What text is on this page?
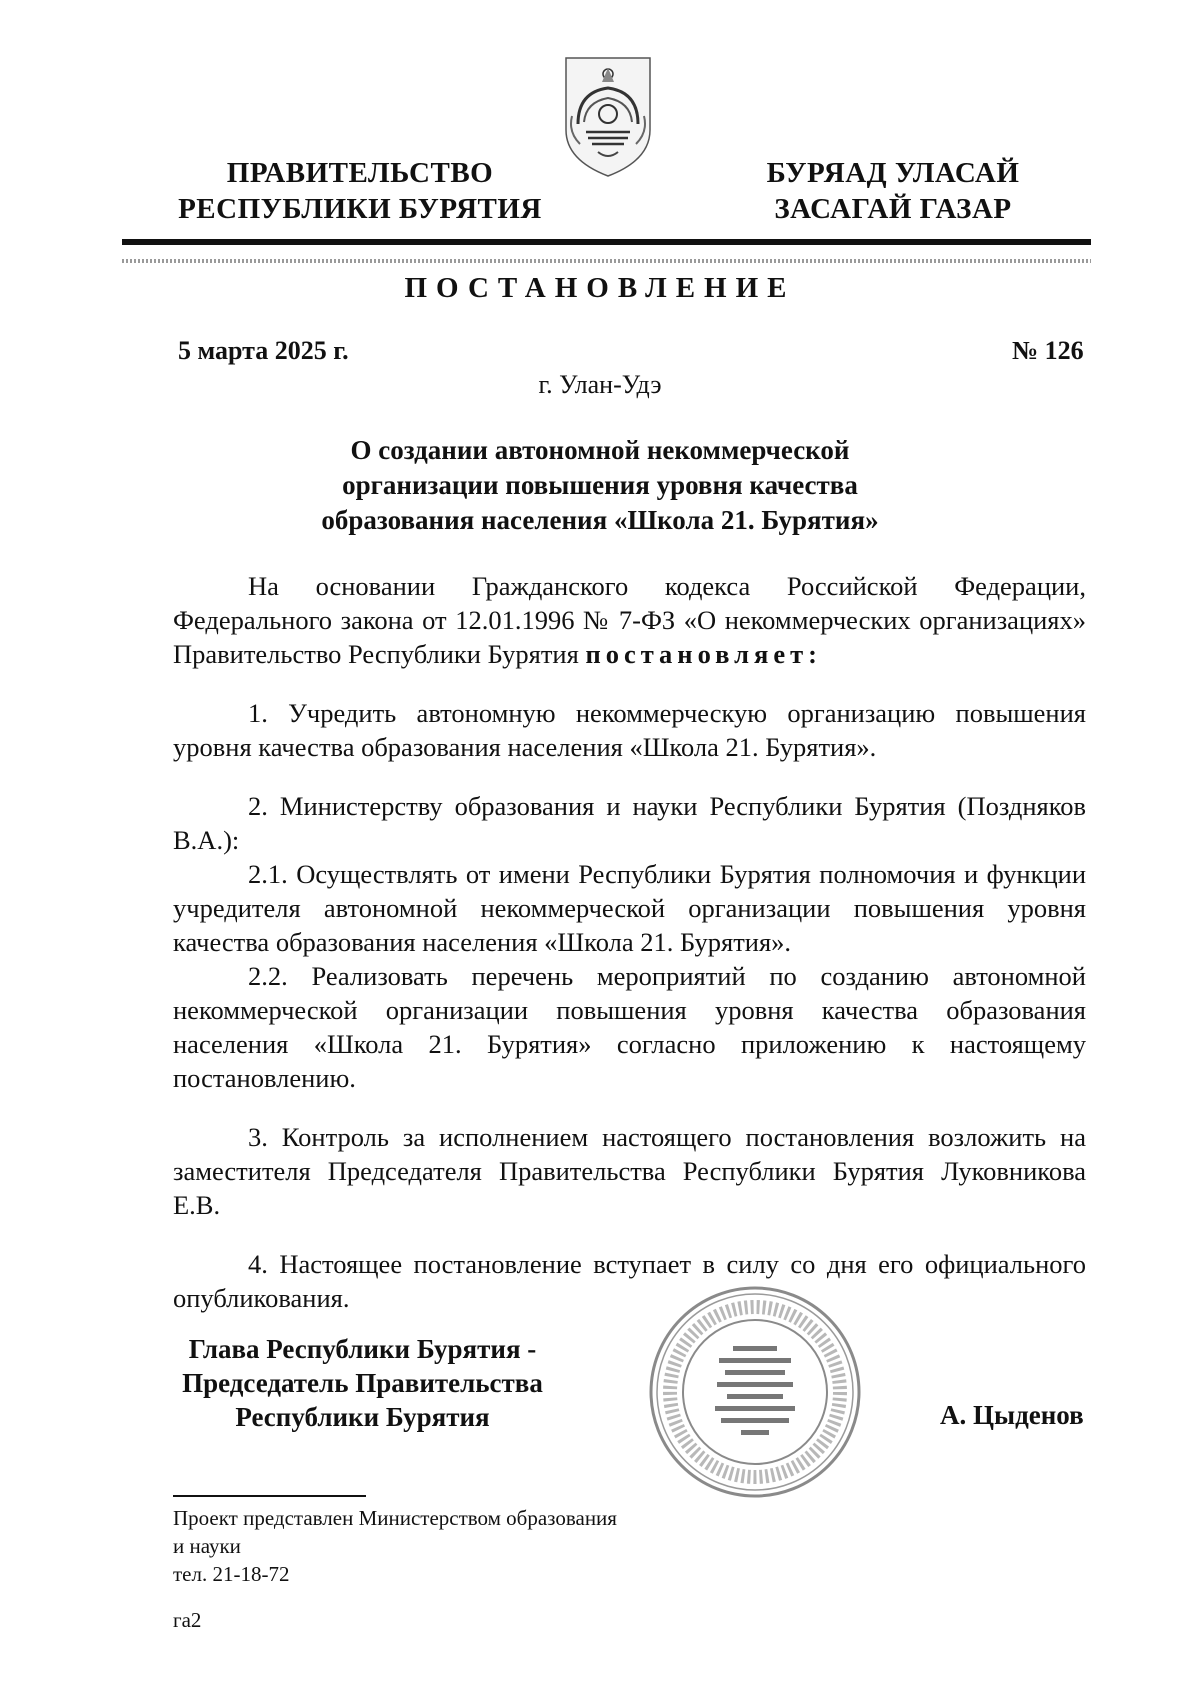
ПРАВИТЕЛЬСТВО
РЕСПУБЛИКИ БУРЯТИЯ
БУРЯАД УЛАСАЙ
ЗАСАГАЙ ГАЗАР
ПОСТАНОВЛЕНИЕ
5 марта 2025 г.	№ 126
г. Улан-Удэ
О создании автономной некоммерческой
организации повышения уровня качества
образования населения «Школа 21. Бурятия»

На основании Гражданского кодекса Российской Федерации, Федерального закона от 12.01.1996 № 7-ФЗ «О некоммерческих организациях» Правительство Республики Бурятия постановляет:

1. Учредить автономную некоммерческую организацию повышения уровня качества образования населения «Школа 21. Бурятия».

2. Министерству образования и науки Республики Бурятия (Поздняков В.А.):

2.1. Осуществлять от имени Республики Бурятия полномочия и функции учредителя автономной некоммерческой организации повышения уровня качества образования населения «Школа 21. Бурятия».

2.2. Реализовать перечень мероприятий по созданию автономной некоммерческой организации повышения уровня качества образования населения «Школа 21. Бурятия» согласно приложению к настоящему постановлению.

3. Контроль за исполнением настоящего постановления возложить на заместителя Председателя Правительства Республики Бурятия Луковникова Е.В.

4. Настоящее постановление вступает в силу со дня его официального опубликования.

Глава Республики Бурятия -
Председатель Правительства
Республики Бурятия	А. Цыденов
Проект представлен Министерством образования
и науки
тел. 21-18-72
га2
